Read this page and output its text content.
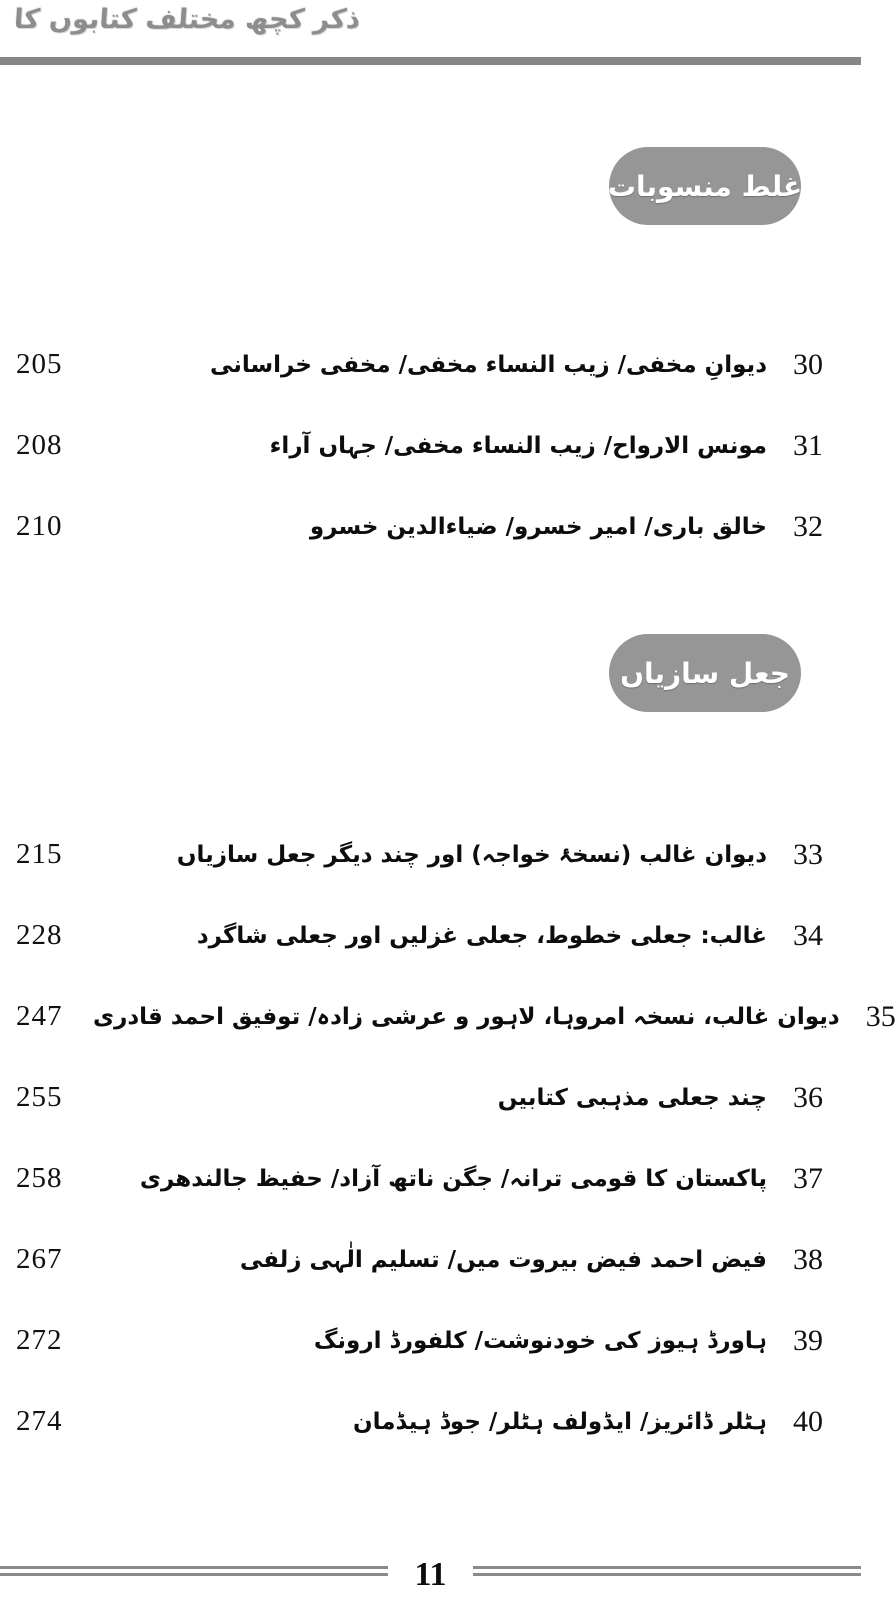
ذکر کچھ مختلف کتابوں کا
غلط منسوبات
205	دیوانِ مخفی/ زیب النساء مخفی/ مخفی خراسانی 30
208	مونس الارواح/ زیب النساء مخفی/ جہاں آراء 31
210	خالق باری/ امیر خسرو/ ضیاءالدین خسرو 32
جعل سازیاں
215	دیوان غالب (نسخۂ خواجہ) اور چند دیگر جعل سازیاں 33
228	غالب: جعلی خطوط، جعلی غزلیں اور جعلی شاگرد 34
247	دیوان غالب، نسخہ امروہا، لاہور و عرشی زادہ/ توفیق احمد قادری 35
255	چند جعلی مذہبی کتابیں 36
258	پاکستان کا قومی ترانہ/ جگن ناتھ آزاد/ حفیظ جالندھری 37
267	فیض احمد فیض بیروت میں/ تسلیم الٰہی زلفی 38
272	ہاورڈ ہیوز کی خودنوشت/ کلفورڈ ارونگ 39
274	ہٹلر ڈائریز/ ایڈولف ہٹلر/ جوڈ ہیڈمان 40
11
